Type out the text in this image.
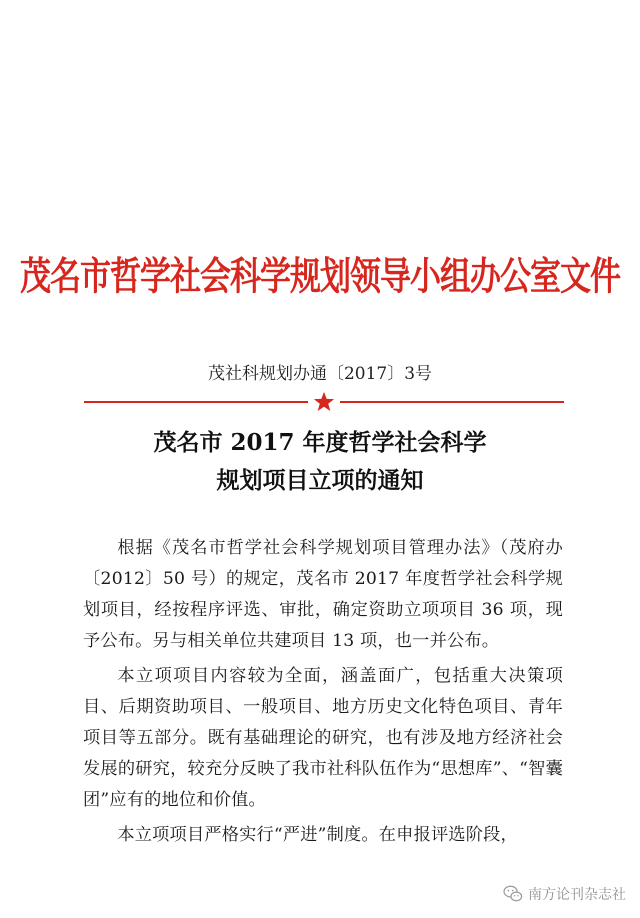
茂名市哲学社会科学规划领导小组办公室文件
茂社科规划办通〔2017〕3号
茂名市 2017 年度哲学社会科学
规划项目立项的通知

根据《茂名市哲学社会科学规划项目管理办法》（茂府办〔2012〕50 号）的规定，茂名市 2017 年度哲学社会科学规划项目，经按程序评选、审批，确定资助立项项目 36 项，现予公布。另与相关单位共建项目 13 项，也一并公布。

本立项项目内容较为全面，涵盖面广，包括重大决策项目、后期资助项目、一般项目、地方历史文化特色项目、青年项目等五部分。既有基础理论的研究，也有涉及地方经济社会发展的研究，较充分反映了我市社科队伍作为“思想库”、“智囊团”应有的地位和价值。

本立项项目严格实行“严进”制度。在申报评选阶段，

南方论刊杂志社
